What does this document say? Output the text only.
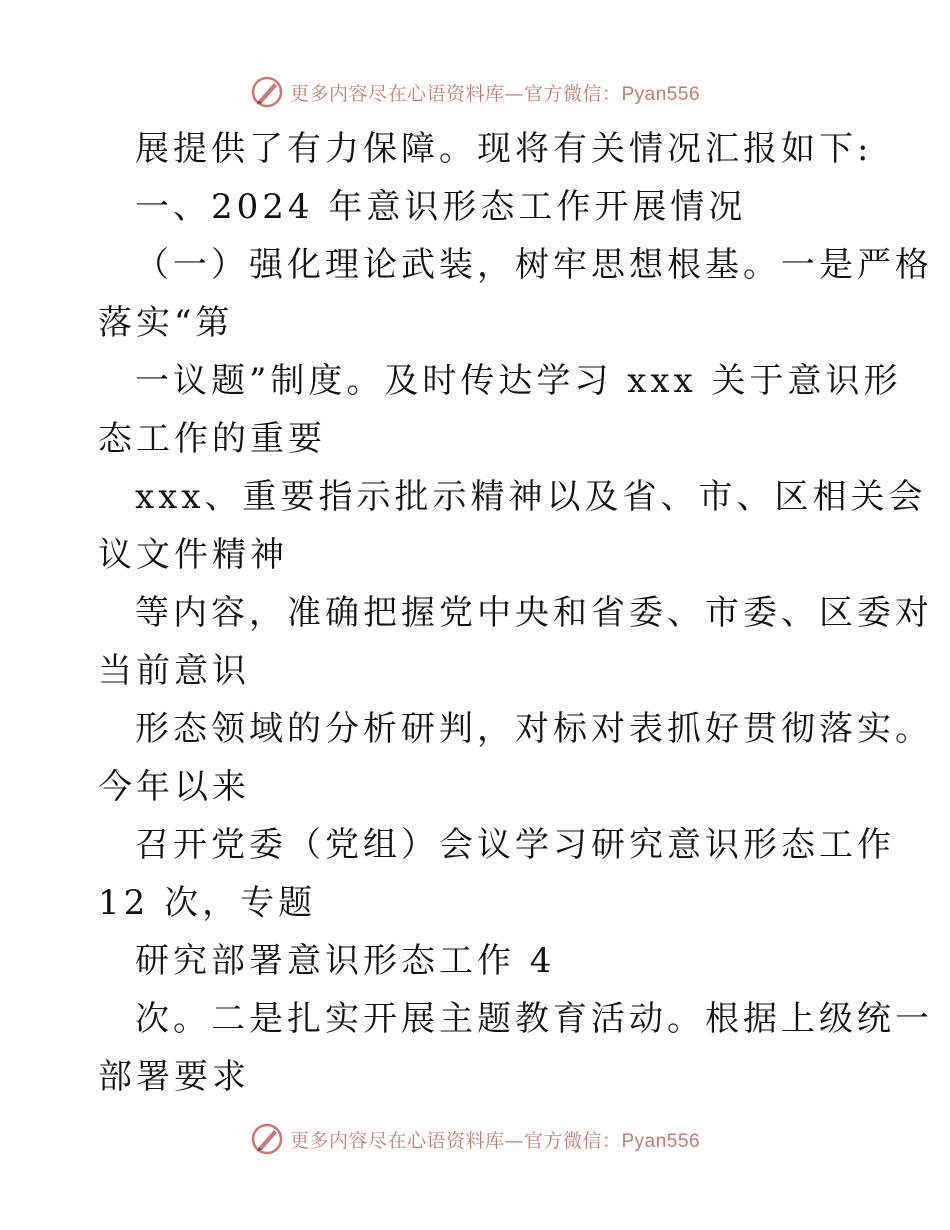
更多内容尽在心语资料库—官方微信：Pyan556
展提供了有力保障。现将有关情况汇报如下:
一、2024 年意识形态工作开展情况
（一）强化理论武装，树牢思想根基。一是严格
落实“第
一议题”制度。及时传达学习 xxx 关于意识形
态工作的重要
xxx、重要指示批示精神以及省、市、区相关会
议文件精神
等内容，准确把握党中央和省委、市委、区委对
当前意识
形态领域的分析研判，对标对表抓好贯彻落实。
今年以来
召开党委（党组）会议学习研究意识形态工作
12 次，专题
研究部署意识形态工作 4
次。二是扎实开展主题教育活动。根据上级统一
部署要求
更多内容尽在心语资料库—官方微信：Pyan556
